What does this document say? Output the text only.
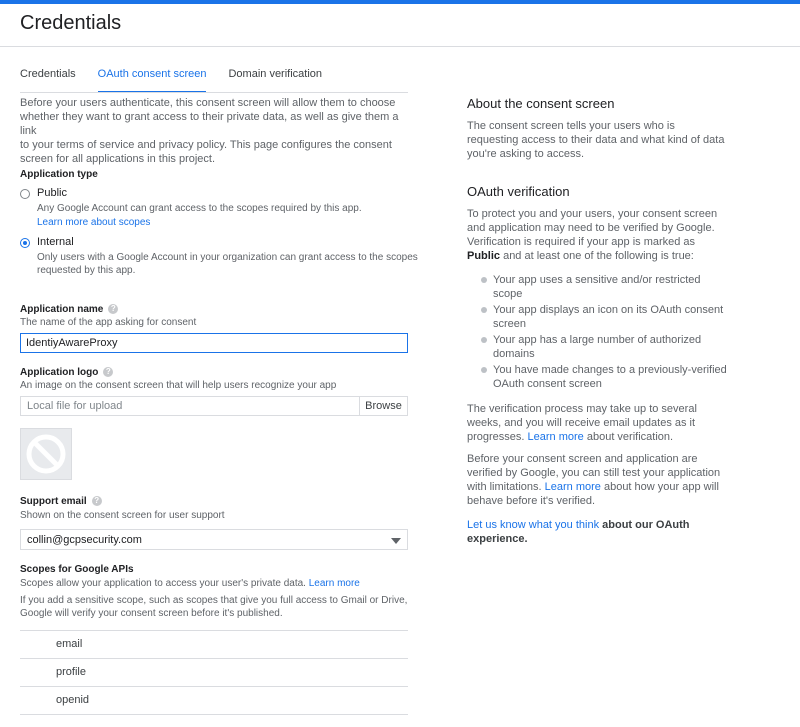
Credentials
Credentials OAuth consent screen Domain verification
Before your users authenticate, this consent screen will allow them to choose
whether they want to grant access to their private data, as well as give them a link
to your terms of service and privacy policy. This page configures the consent
screen for all applications in this project.
Application type
Public
Any Google Account can grant access to the scopes required by this app.
Learn more about scopes
Internal
Only users with a Google Account in your organization can grant access to the scopes
requested by this app.
Application name ?
The name of the app asking for consent
IdentiyAwareProxy
Application logo ?
An image on the consent screen that will help users recognize your app
Local file for upload	Browse
Support email ?
Shown on the consent screen for user support
collin@gcpsecurity.com
Scopes for Google APIs
Scopes allow your application to access your user's private data. Learn more
If you add a sensitive scope, such as scopes that give you full access to Gmail or Drive,
Google will verify your consent screen before it's published.
email
profile
openid
About the consent screen
The consent screen tells your users who is
requesting access to their data and what kind of data
you're asking to access.
OAuth verification
To protect you and your users, your consent screen
and application may need to be verified by Google.
Verification is required if your app is marked as
Public and at least one of the following is true:
Your app uses a sensitive and/or restricted
scope
Your app displays an icon on its OAuth consent
screen
Your app has a large number of authorized
domains
You have made changes to a previously-verified
OAuth consent screen
The verification process may take up to several
weeks, and you will receive email updates as it
progresses. Learn more about verification.
Before your consent screen and application are
verified by Google, you can still test your application
with limitations. Learn more about how your app will
behave before it's verified.
Let us know what you think about our OAuth
experience.
